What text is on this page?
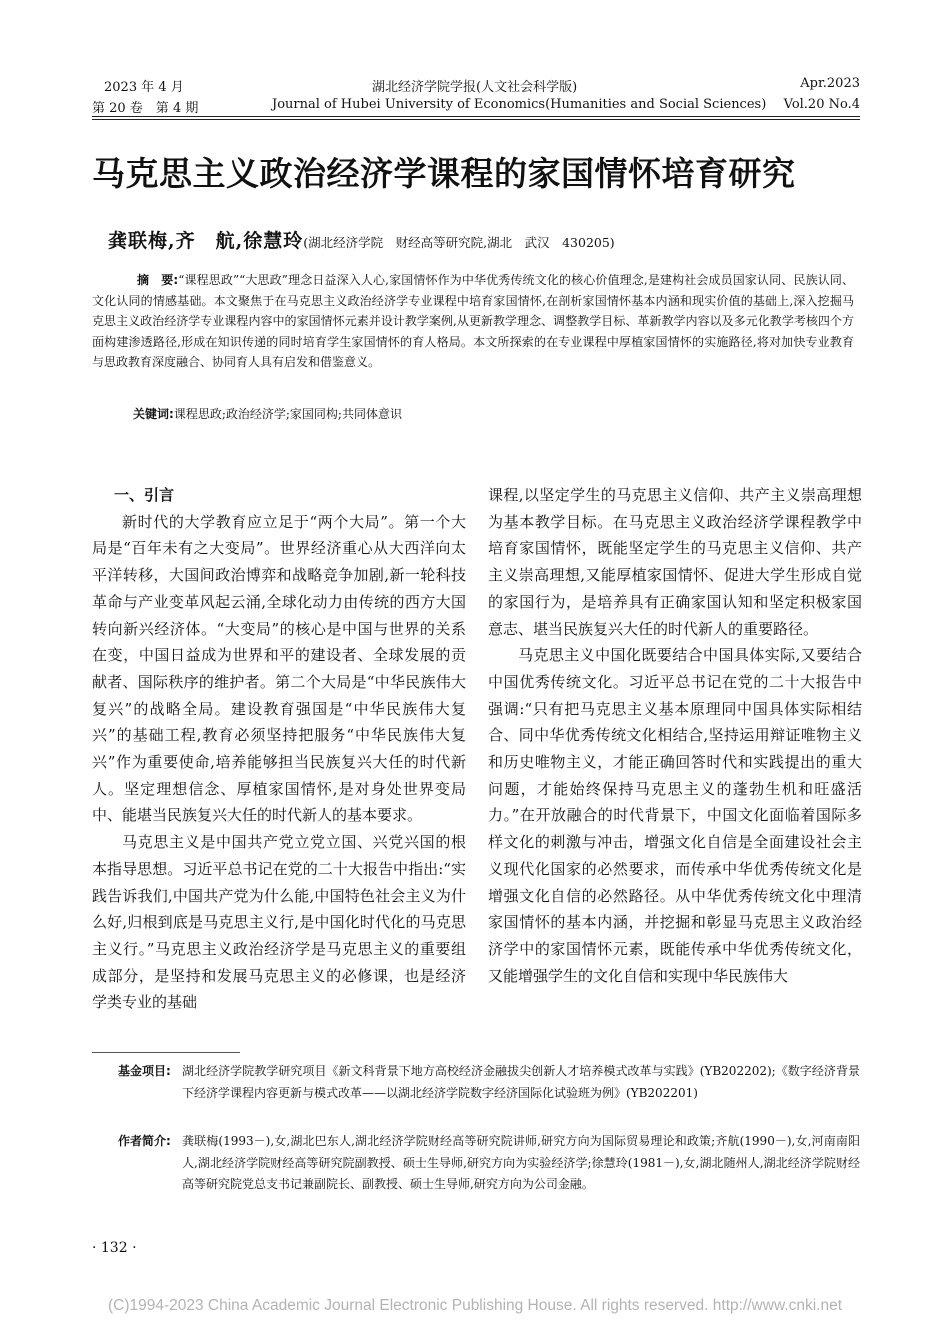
2023 年 4 月	湖北经济学院学报(人文社会科学版)	Apr.2023
第 20 卷　第 4 期	Journal of Hubei University of Economics(Humanities and Social Sciences) Vol.20 No.4
马克思主义政治经济学课程的家国情怀培育研究
龚联梅,齐　航,徐慧玲(湖北经济学院　财经高等研究院,湖北　武汉　430205)
摘　要:“课程思政”“大思政”理念日益深入人心,家国情怀作为中华优秀传统文化的核心价值理念,是建构社会成员国家认同、民族认同、文化认同的情感基础。本文聚焦于在马克思主义政治经济学专业课程中培育家国情怀,在剖析家国情怀基本内涵和现实价值的基础上,深入挖掘马克思主义政治经济学专业课程内容中的家国情怀元素并设计教学案例,从更新教学理念、调整教学目标、革新教学内容以及多元化教学考核四个方面构建渗透路径,形成在知识传递的同时培育学生家国情怀的育人格局。本文所探索的在专业课程中厚植家国情怀的实施路径,将对加快专业教育与思政教育深度融合、协同育人具有启发和借鉴意义。
关键词:课程思政;政治经济学;家国同构;共同体意识
一、引言

新时代的大学教育应立足于“两个大局”。第一个大局是“百年未有之大变局”。世界经济重心从大西洋向太平洋转移，大国间政治博弈和战略竞争加剧,新一轮科技革命与产业变革风起云涌,全球化动力由传统的西方大国转向新兴经济体。“大变局”的核心是中国与世界的关系在变，中国日益成为世界和平的建设者、全球发展的贡献者、国际秩序的维护者。第二个大局是“中华民族伟大复兴”的战略全局。建设教育强国是“中华民族伟大复兴”的基础工程,教育必须坚持把服务“中华民族伟大复兴”作为重要使命,培养能够担当民族复兴大任的时代新人。坚定理想信念、厚植家国情怀,是对身处世界变局中、能堪当民族复兴大任的时代新人的基本要求。

马克思主义是中国共产党立党立国、兴党兴国的根本指导思想。习近平总书记在党的二十大报告中指出:“实践告诉我们,中国共产党为什么能,中国特色社会主义为什么好,归根到底是马克思主义行,是中国化时代化的马克思主义行。”马克思主义政治经济学是马克思主义的重要组成部分，是坚持和发展马克思主义的必修课，也是经济学类专业的基础

课程,以坚定学生的马克思主义信仰、共产主义崇高理想为基本教学目标。在马克思主义政治经济学课程教学中培育家国情怀，既能坚定学生的马克思主义信仰、共产主义崇高理想,又能厚植家国情怀、促进大学生形成自觉的家国行为，是培养具有正确家国认知和坚定积极家国意志、堪当民族复兴大任的时代新人的重要路径。

马克思主义中国化既要结合中国具体实际,又要结合中国优秀传统文化。习近平总书记在党的二十大报告中强调:“只有把马克思主义基本原理同中国具体实际相结合、同中华优秀传统文化相结合,坚持运用辩证唯物主义和历史唯物主义，才能正确回答时代和实践提出的重大问题，才能始终保持马克思主义的蓬勃生机和旺盛活力。”在开放融合的时代背景下，中国文化面临着国际多样文化的刺激与冲击，增强文化自信是全面建设社会主义现代化国家的必然要求，而传承中华优秀传统文化是增强文化自信的必然路径。从中华优秀传统文化中理清家国情怀的基本内涵，并挖掘和彰显马克思主义政治经济学中的家国情怀元素，既能传承中华优秀传统文化，又能增强学生的文化自信和实现中华民族伟大

基金项目: 湖北经济学院教学研究项目《新文科背景下地方高校经济金融拔尖创新人才培养模式改革与实践》(YB202202);《数字经济背景下经济学课程内容更新与模式改革——以湖北经济学院数字经济国际化试验班为例》(YB202201)
作者简介: 龚联梅(1993－),女,湖北巴东人,湖北经济学院财经高等研究院讲师,研究方向为国际贸易理论和政策;齐航(1990－),女,河南南阳人,湖北经济学院财经高等研究院副教授、硕士生导师,研究方向为实验经济学;徐慧玲(1981－),女,湖北随州人,湖北经济学院财经高等研究院党总支书记兼副院长、副教授、硕士生导师,研究方向为公司金融。
· 132 ·
(C)1994-2023 China Academic Journal Electronic Publishing House. All rights reserved. http://www.cnki.net
